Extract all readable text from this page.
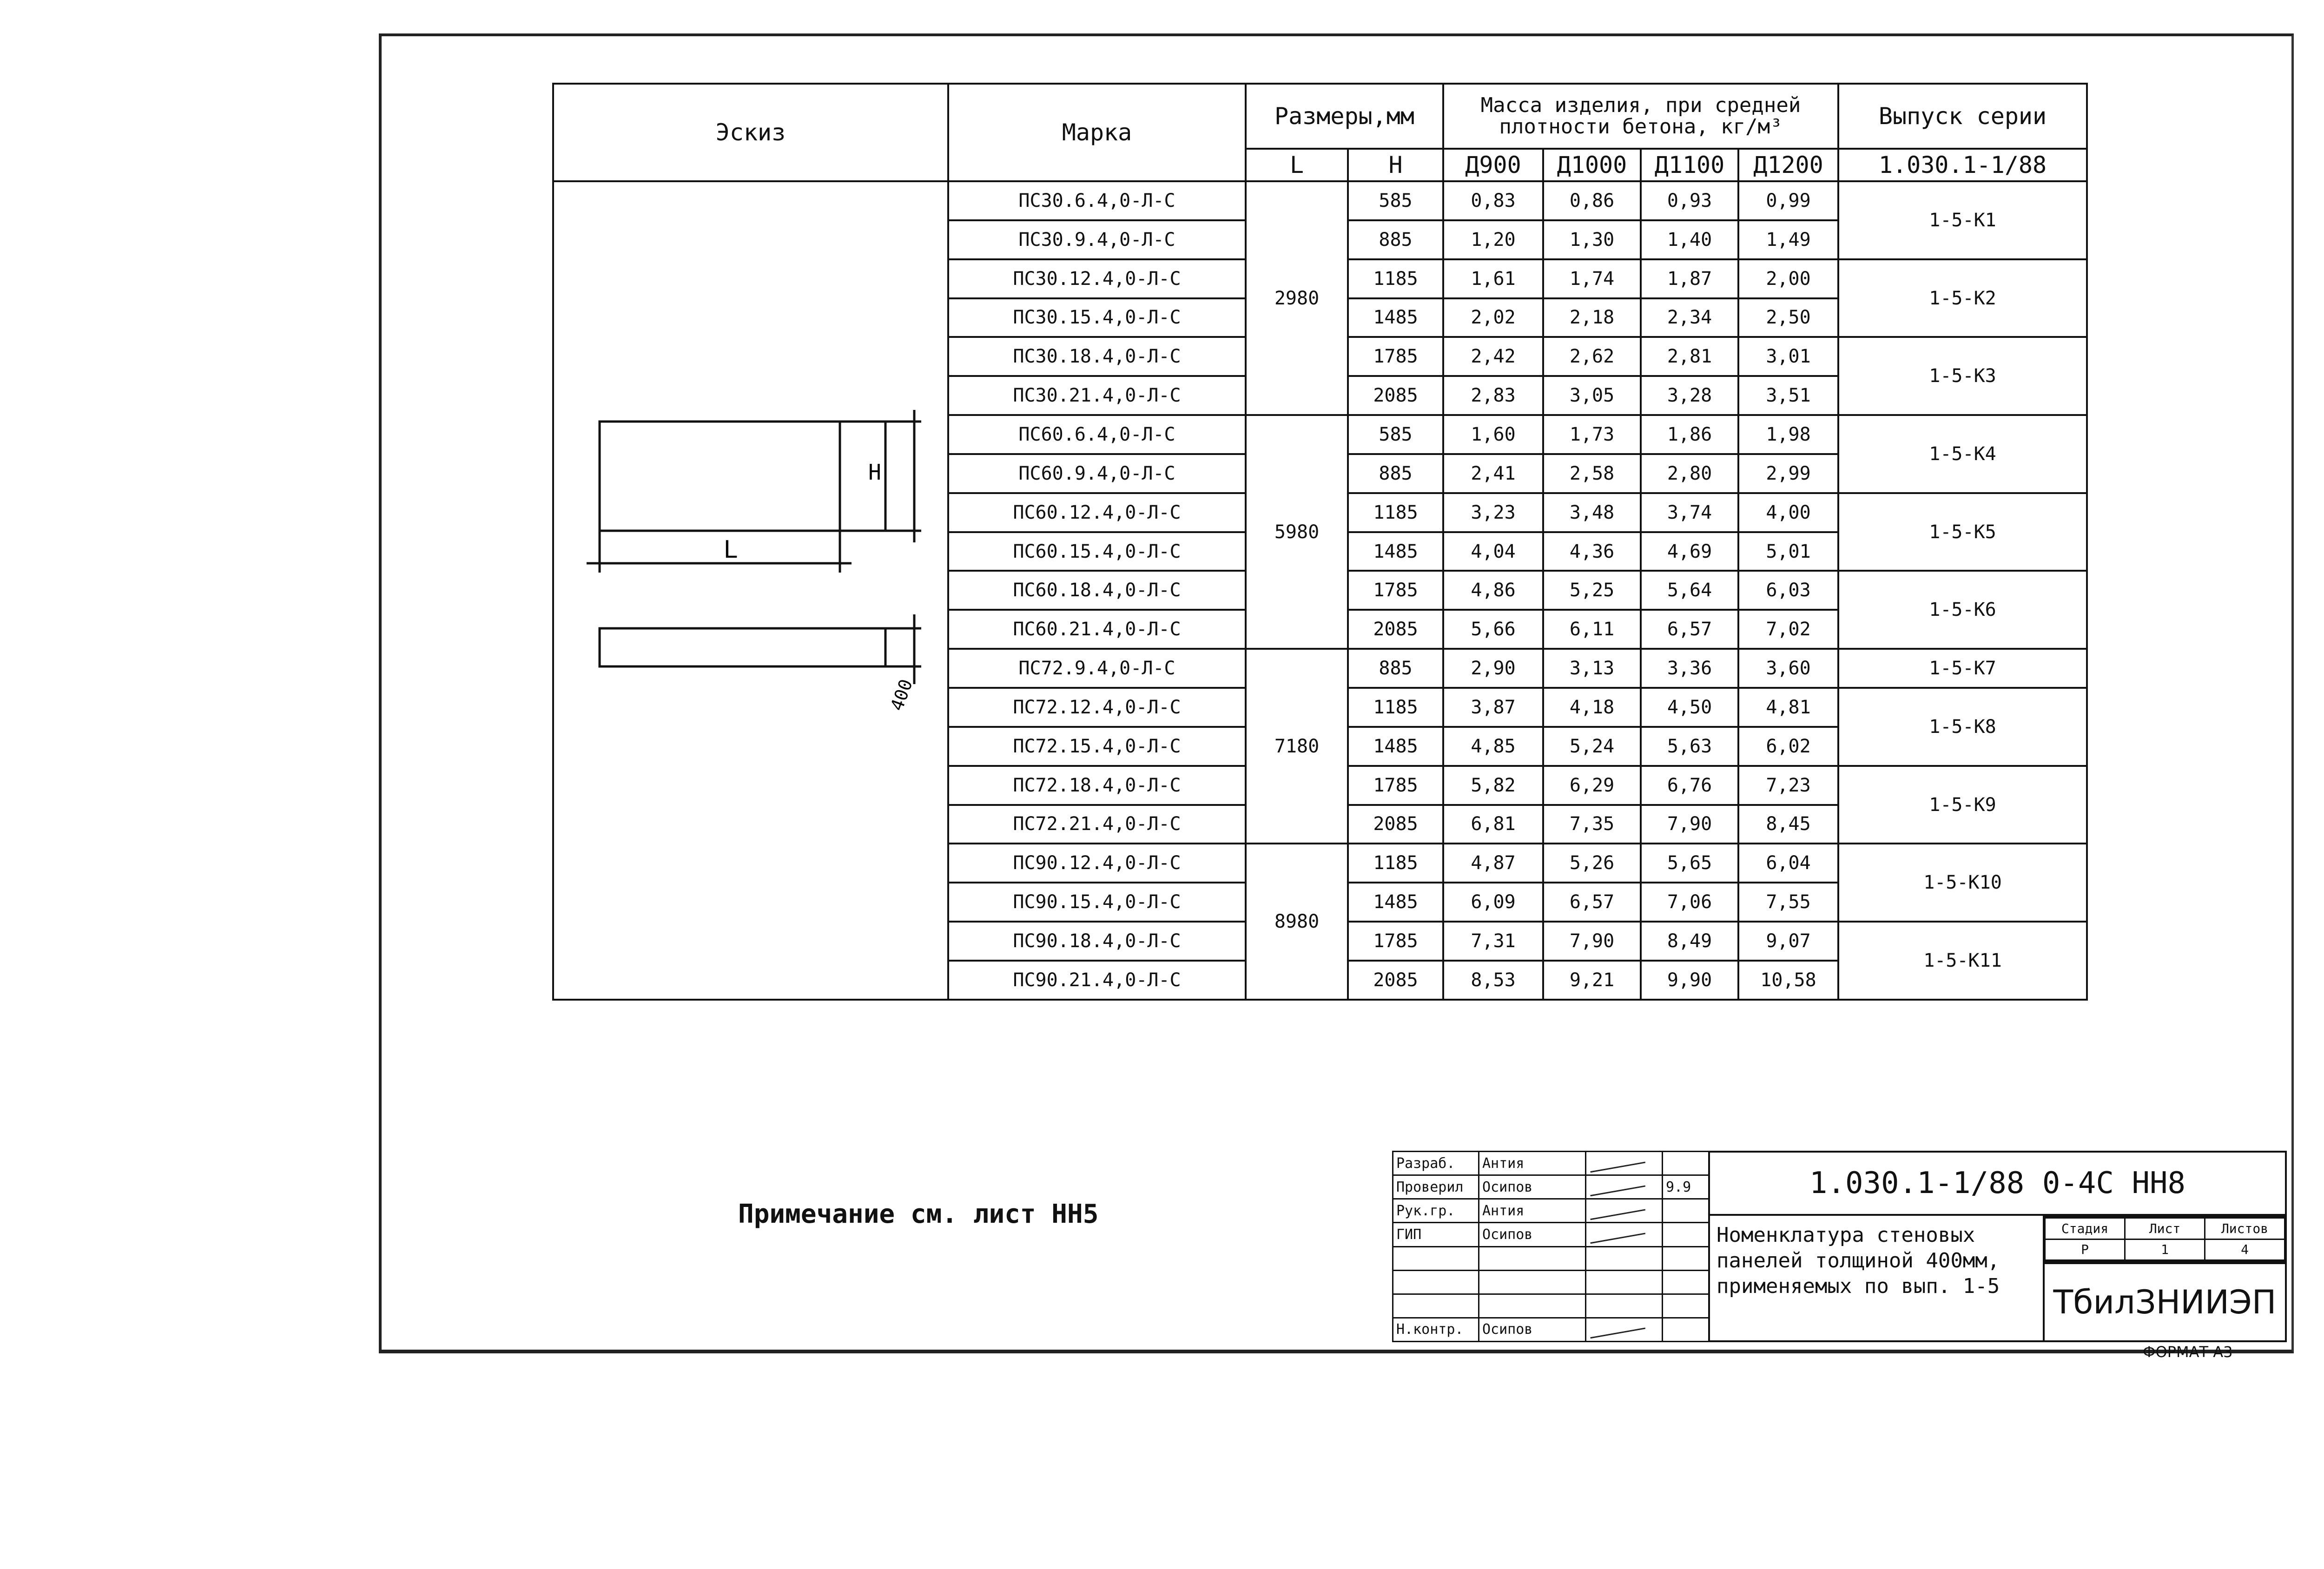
Эскиз	Марка	Размеры,мм		Масса изделия, при средней плотности бетона, кг/м³				Выпуск серии
		L	H	Д900	Д1000	Д1100	Д1200	1.030.1-1/88

H
L
400	ПС30.6.4,0-Л-С	2980	585	0,83	0,86	0,93	0,99	1-5-К1
	ПС30.9.4,0-Л-С		885	1,20	1,30	1,40	1,49	
	ПС30.12.4,0-Л-С		1185	1,61	1,74	1,87	2,00	1-5-К2
	ПС30.15.4,0-Л-С		1485	2,02	2,18	2,34	2,50	
	ПС30.18.4,0-Л-С		1785	2,42	2,62	2,81	3,01	1-5-К3
	ПС30.21.4,0-Л-С		2085	2,83	3,05	3,28	3,51	
	ПС60.6.4,0-Л-С	5980	585	1,60	1,73	1,86	1,98	1-5-К4
	ПС60.9.4,0-Л-С		885	2,41	2,58	2,80	2,99	
	ПС60.12.4,0-Л-С		1185	3,23	3,48	3,74	4,00	1-5-К5
	ПС60.15.4,0-Л-С		1485	4,04	4,36	4,69	5,01	
	ПС60.18.4,0-Л-С		1785	4,86	5,25	5,64	6,03	1-5-К6
	ПС60.21.4,0-Л-С		2085	5,66	6,11	6,57	7,02	
	ПС72.9.4,0-Л-С	7180	885	2,90	3,13	3,36	3,60	1-5-К7
	ПС72.12.4,0-Л-С		1185	3,87	4,18	4,50	4,81	1-5-К8
	ПС72.15.4,0-Л-С		1485	4,85	5,24	5,63	6,02	
	ПС72.18.4,0-Л-С		1785	5,82	6,29	6,76	7,23	1-5-К9
	ПС72.21.4,0-Л-С		2085	6,81	7,35	7,90	8,45	
	ПС90.12.4,0-Л-С	8980	1185	4,87	5,26	5,65	6,04	1-5-К10
	ПС90.15.4,0-Л-С		1485	6,09	6,57	7,06	7,55	
	ПС90.18.4,0-Л-С		1785	7,31	7,90	8,49	9,07	1-5-К11
	ПС90.21.4,0-Л-С		2085	8,53	9,21	9,90	10,58	
Примечание см. лист НН5
Разраб.	Антия		
Проверил	Осипов		9.9
Рук.гр.	Антия		
ГИП	Осипов		

Н.контр.	Осипов		
1.030.1-1/88 0-4С НН8
Номенклатура стеновых
панелей толщиной 400мм,
применяемых по вып. 1-5
Стадия	Лист	Листов
Р	1	4
ТбилЗНИИЭП
ФОРМАТ А3
